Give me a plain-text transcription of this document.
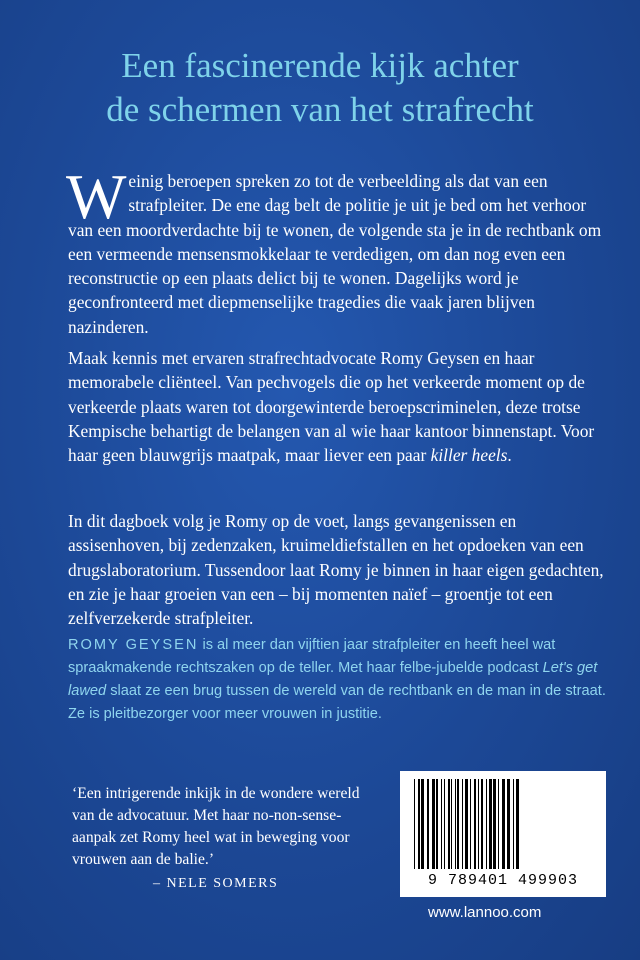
Een fascinerende kijk achter
de schermen van het strafrecht
Weinig beroepen spreken zo tot de verbeelding als dat van een strafpleiter. De ene dag belt de politie je uit je bed om het verhoor van een moordverdachte bij te wonen, de volgende sta je in de rechtbank om een vermeende mensensmokkelaar te verdedigen, om dan nog even een reconstructie op een plaats delict bij te wonen. Dagelijks word je geconfronteerd met diepmenselijke tragedies die vaak jaren blijven nazinderen.
Maak kennis met ervaren strafrechtadvocate Romy Geysen en haar memorabele cliënteel. Van pechvogels die op het verkeerde moment op de verkeerde plaats waren tot doorgewinterde beroepscriminelen, deze trotse Kempische behartigt de belangen van al wie haar kantoor binnenstapt. Voor haar geen blauwgrijs maatpak, maar liever een paar killer heels.
In dit dagboek volg je Romy op de voet, langs gevangenissen en assisenhoven, bij zedenzaken, kruimeldiefstallen en het opdoeken van een drugslaboratorium. Tussendoor laat Romy je binnen in haar eigen gedachten, en zie je haar groeien van een – bij momenten naïef – groentje tot een zelfverzekerde strafpleiter.
ROMY GEYSEN is al meer dan vijftien jaar strafpleiter en heeft heel wat spraakmakende rechtszaken op de teller. Met haar felbe-jubelde podcast Let's get lawed slaat ze een brug tussen de wereld van de rechtbank en de man in de straat. Ze is pleitbezorger voor meer vrouwen in justitie.
‘Een intrigerende inkijk in de wondere wereld van de advocatuur. Met haar no-non-sense-aanpak zet Romy heel wat in beweging voor vrouwen aan de balie.’
– NELE SOMERS	9 789401 499903
www.lannoo.com
